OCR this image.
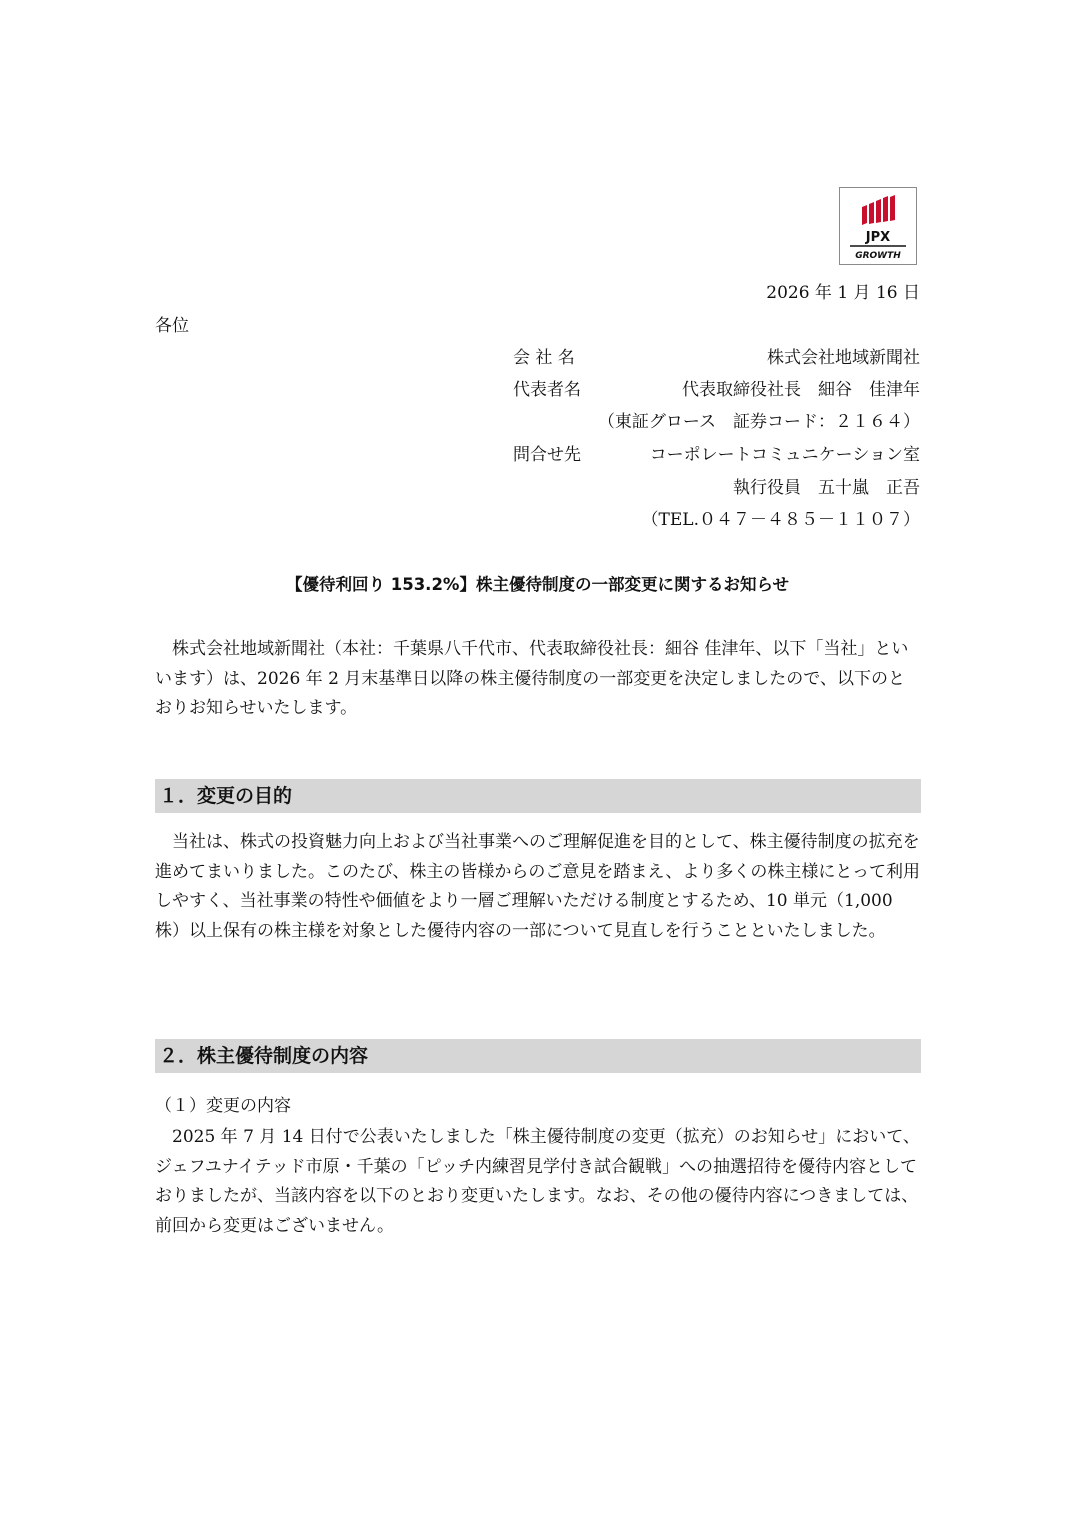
JPX
GROWTH
2026 年 1 月 16 日
各位
会 社 名	株式会社地域新聞社
代表者名	代表取締役社長　細谷　佳津年
（東証グロース　証券コード：２１６４）
問合せ先	コーポレートコミュニケーション室
執行役員　五十嵐　正吾
（TEL.０４７－４８５－１１０７）
【優待利回り 153.2%】株主優待制度の一部変更に関するお知らせ

株式会社地域新聞社（本社：千葉県八千代市、代表取締役社長：細谷 佳津年、以下「当社」といいます）は、2026 年 2 月末基準日以降の株主優待制度の一部変更を決定しましたので、以下のとおりお知らせいたします。

１．変更の目的

当社は、株式の投資魅力向上および当社事業へのご理解促進を目的として、株主優待制度の拡充を進めてまいりました。このたび、株主の皆様からのご意見を踏まえ、より多くの株主様にとって利用しやすく、当社事業の特性や価値をより一層ご理解いただける制度とするため、10 単元（1,000 株）以上保有の株主様を対象とした優待内容の一部について見直しを行うことといたしました。

２．株主優待制度の内容
（１）変更の内容

2025 年 7 月 14 日付で公表いたしました「株主優待制度の変更（拡充）のお知らせ」において、ジェフユナイテッド市原・千葉の「ピッチ内練習見学付き試合観戦」への抽選招待を優待内容としておりましたが、当該内容を以下のとおり変更いたします。なお、その他の優待内容につきましては、前回から変更はございません。
